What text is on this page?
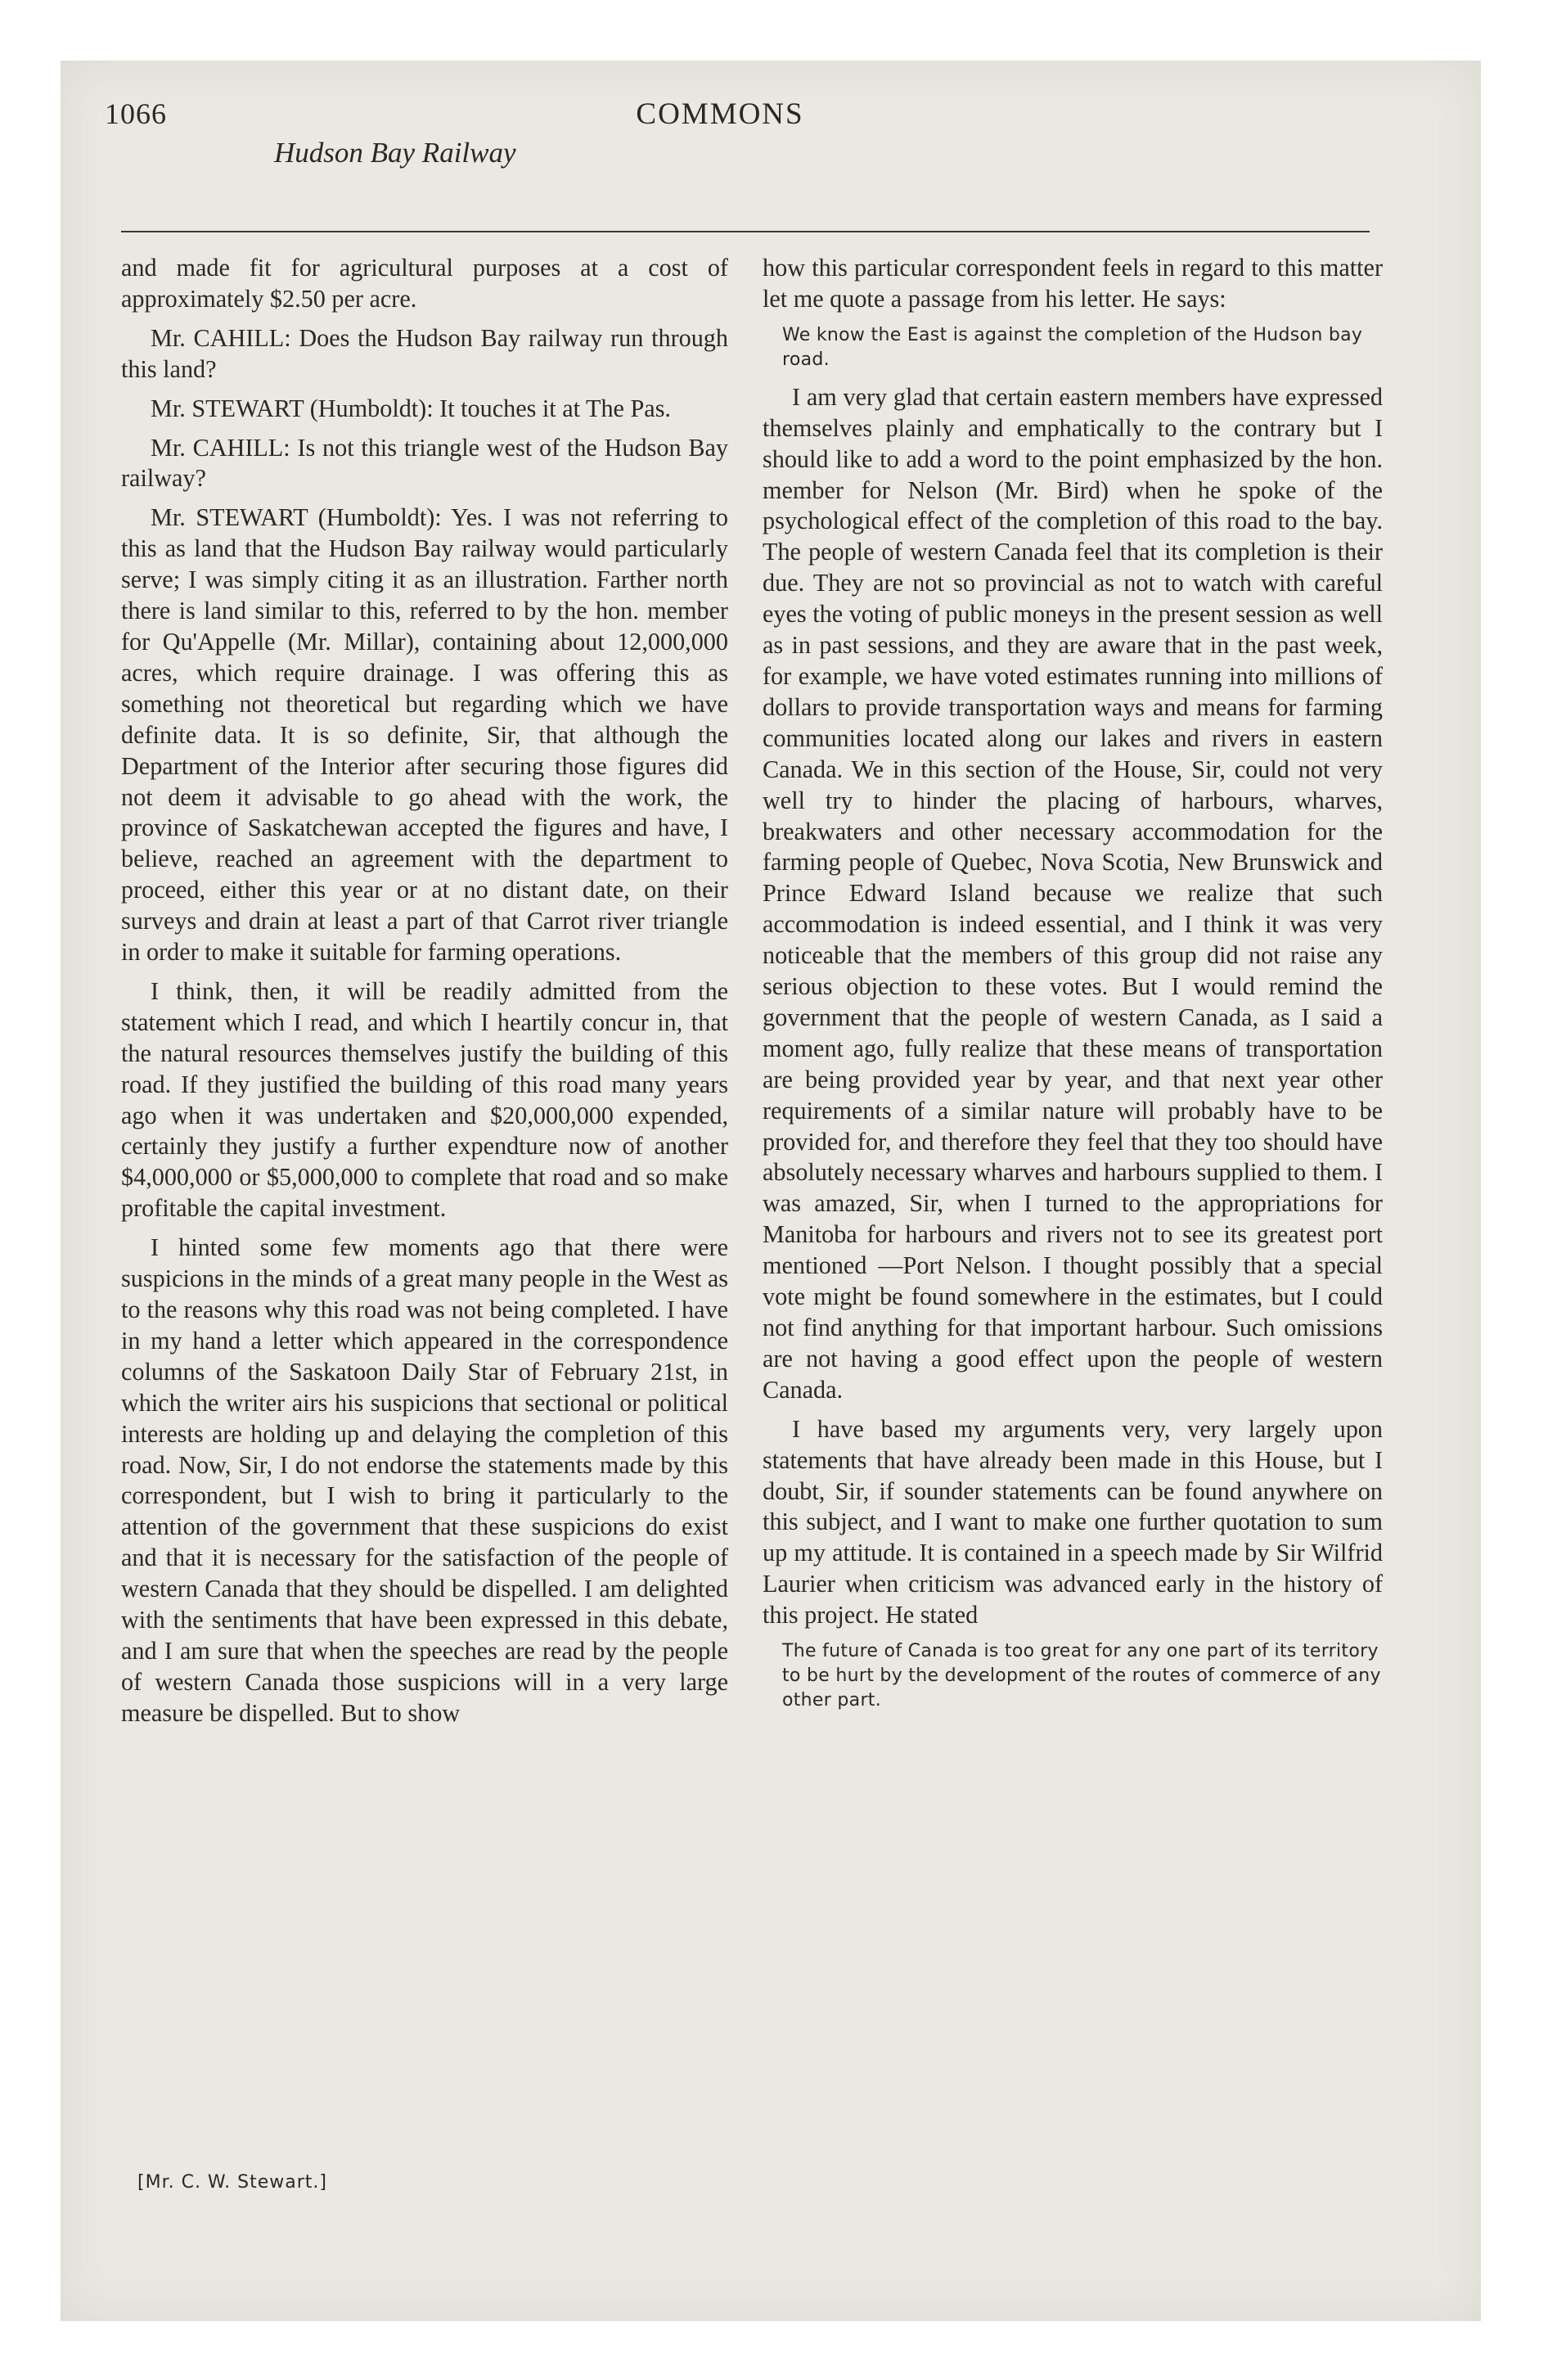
1066	COMMONS
Hudson Bay Railway

and made fit for agricultural purposes at a cost of approximately $2.50 per acre.

Mr. CAHILL: Does the Hudson Bay railway run through this land?

Mr. STEWART (Humboldt): It touches it at The Pas.

Mr. CAHILL: Is not this triangle west of the Hudson Bay railway?

Mr. STEWART (Humboldt): Yes. I was not referring to this as land that the Hudson Bay railway would particularly serve; I was simply citing it as an illustration. Farther north there is land similar to this, referred to by the hon. member for Qu'Appelle (Mr. Millar), containing about 12,000,000 acres, which require drainage. I was offering this as something not theoretical but regarding which we have definite data. It is so definite, Sir, that although the Department of the Interior after securing those figures did not deem it advisable to go ahead with the work, the province of Saskatchewan accepted the figures and have, I believe, reached an agreement with the department to proceed, either this year or at no distant date, on their surveys and drain at least a part of that Carrot river triangle in order to make it suitable for farming operations.

I think, then, it will be readily admitted from the statement which I read, and which I heartily concur in, that the natural resources themselves justify the building of this road. If they justified the building of this road many years ago when it was undertaken and $20,000,000 expended, certainly they justify a further expendture now of another $4,000,000 or $5,000,000 to complete that road and so make profitable the capital investment.

I hinted some few moments ago that there were suspicions in the minds of a great many people in the West as to the reasons why this road was not being completed. I have in my hand a letter which appeared in the correspondence columns of the Saskatoon Daily Star of February 21st, in which the writer airs his suspicions that sectional or political interests are holding up and delaying the completion of this road. Now, Sir, I do not endorse the statements made by this correspondent, but I wish to bring it particularly to the attention of the government that these suspicions do exist and that it is necessary for the satisfaction of the people of western Canada that they should be dispelled. I am delighted with the sentiments that have been expressed in this debate, and I am sure that when the speeches are read by the people of western Canada those suspicions will in a very large measure be dispelled. But to show

[Mr. C. W. Stewart.]

how this particular correspondent feels in regard to this matter let me quote a passage from his letter. He says:

We know the East is against the completion of the Hudson bay road.

I am very glad that certain eastern members have expressed themselves plainly and emphatically to the contrary but I should like to add a word to the point emphasized by the hon. member for Nelson (Mr. Bird) when he spoke of the psychological effect of the completion of this road to the bay. The people of western Canada feel that its completion is their due. They are not so provincial as not to watch with careful eyes the voting of public moneys in the present session as well as in past sessions, and they are aware that in the past week, for example, we have voted estimates running into millions of dollars to provide transportation ways and means for farming communities located along our lakes and rivers in eastern Canada. We in this section of the House, Sir, could not very well try to hinder the placing of harbours, wharves, breakwaters and other necessary accommodation for the farming people of Quebec, Nova Scotia, New Brunswick and Prince Edward Island because we realize that such accommodation is indeed essential, and I think it was very noticeable that the members of this group did not raise any serious objection to these votes. But I would remind the government that the people of western Canada, as I said a moment ago, fully realize that these means of transportation are being provided year by year, and that next year other requirements of a similar nature will probably have to be provided for, and therefore they feel that they too should have absolutely necessary wharves and harbours supplied to them. I was amazed, Sir, when I turned to the appropriations for Manitoba for harbours and rivers not to see its greatest port mentioned —Port Nelson. I thought possibly that a special vote might be found somewhere in the estimates, but I could not find anything for that important harbour. Such omissions are not having a good effect upon the people of western Canada.

I have based my arguments very, very largely upon statements that have already been made in this House, but I doubt, Sir, if sounder statements can be found anywhere on this subject, and I want to make one further quotation to sum up my attitude. It is contained in a speech made by Sir Wilfrid Laurier when criticism was advanced early in the history of this project. He stated

The future of Canada is too great for any one part of its territory to be hurt by the development of the routes of commerce of any other part.
